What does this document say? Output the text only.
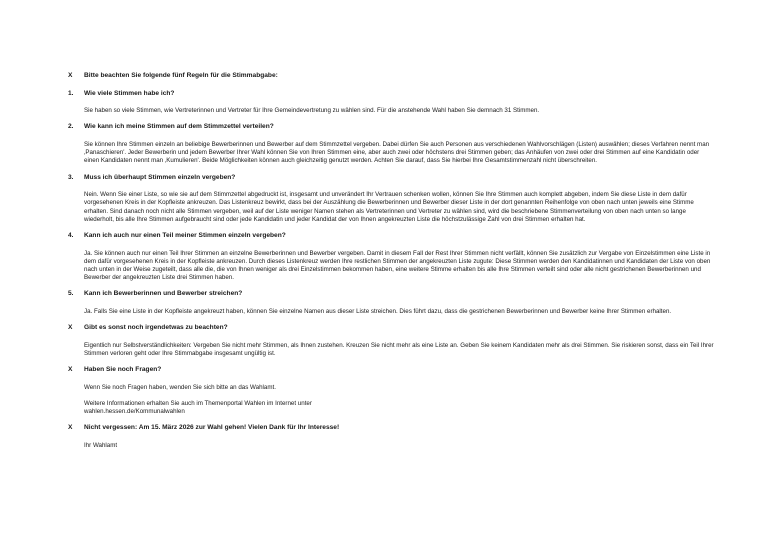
X	Bitte beachten Sie folgende fünf Regeln für die Stimmabgabe:
1.	Wie viele Stimmen habe ich?

Sie haben so viele Stimmen, wie Vertreterinnen und Vertreter für Ihre Gemeindevertretung zu wählen sind. Für die anstehende Wahl haben Sie demnach 31 Stimmen.

2.	Wie kann ich meine Stimmen auf dem Stimmzettel verteilen?

Sie können Ihre Stimmen einzeln an beliebige Bewerberinnen und Bewerber auf dem Stimmzettel vergeben. Dabei dürfen Sie auch Personen aus verschiedenen Wahlvorschlägen (Listen) auswählen; dieses Verfahren nennt man ‚Panaschieren'. Jeder Bewerberin und jedem Bewerber Ihrer Wahl können Sie von Ihren Stimmen eine, aber auch zwei oder höchstens drei Stimmen geben; das Anhäufen von zwei oder drei Stimmen auf eine Kandidatin oder einen Kandidaten nennt man ‚Kumulieren'. Beide Möglichkeiten können auch gleichzeitig genutzt werden. Achten Sie darauf, dass Sie hierbei Ihre Gesamtstimmenzahl nicht überschreiten.

3.	Muss ich überhaupt Stimmen einzeln vergeben?

Nein. Wenn Sie einer Liste, so wie sie auf dem Stimmzettel abgedruckt ist, insgesamt und unverändert Ihr Vertrauen schenken wollen, können Sie Ihre Stimmen auch komplett abgeben, indem Sie diese Liste in dem dafür vorgesehenen Kreis in der Kopfleiste ankreuzen. Das Listenkreuz bewirkt, dass bei der Auszählung die Bewerberinnen und Bewerber dieser Liste in der dort genannten Reihenfolge von oben nach unten jeweils eine Stimme erhalten. Sind danach noch nicht alle Stimmen vergeben, weil auf der Liste weniger Namen stehen als Vertreterinnen und Vertreter zu wählen sind, wird die beschriebene Stimmenverteilung von oben nach unten so lange wiederholt, bis alle Ihre Stimmen aufgebraucht sind oder jede Kandidatin und jeder Kandidat der von Ihnen angekreuzten Liste die höchstzulässige Zahl von drei Stimmen erhalten hat.

4.	Kann ich auch nur einen Teil meiner Stimmen einzeln vergeben?

Ja. Sie können auch nur einen Teil Ihrer Stimmen an einzelne Bewerberinnen und Bewerber vergeben. Damit in diesem Fall der Rest Ihrer Stimmen nicht verfällt, können Sie zusätzlich zur Vergabe von Einzelstimmen eine Liste in dem dafür vorgesehenen Kreis in der Kopfleiste ankreuzen. Durch dieses Listenkreuz werden Ihre restlichen Stimmen der angekreuzten Liste zugute: Diese Stimmen werden den Kandidatinnen und Kandidaten der Liste von oben nach unten in der Weise zugeteilt, dass alle die, die von Ihnen weniger als drei Einzelstimmen bekommen haben, eine weitere Stimme erhalten bis alle Ihre Stimmen verteilt sind oder alle nicht gestrichenen Bewerberinnen und Bewerber der angekreuzten Liste drei Stimmen haben.

5.	Kann ich Bewerberinnen und Bewerber streichen?

Ja. Falls Sie eine Liste in der Kopfleiste angekreuzt haben, können Sie einzelne Namen aus dieser Liste streichen. Dies führt dazu, dass die gestrichenen Bewerberinnen und Bewerber keine Ihrer Stimmen erhalten.

X	Gibt es sonst noch irgendetwas zu beachten?

Eigentlich nur Selbstverständlichkeiten: Vergeben Sie nicht mehr Stimmen, als Ihnen zustehen. Kreuzen Sie nicht mehr als eine Liste an. Geben Sie keinem Kandidaten mehr als drei Stimmen. Sie riskieren sonst, dass ein Teil Ihrer Stimmen verloren geht oder Ihre Stimmabgabe insgesamt ungültig ist.

X	Haben Sie noch Fragen?

Wenn Sie noch Fragen haben, wenden Sie sich bitte an das Wahlamt.

Weitere Informationen erhalten Sie auch im Themenportal Wahlen im Internet unter
wahlen.hessen.de/Kommunalwahlen

X	Nicht vergessen: Am 15. März 2026 zur Wahl gehen! Vielen Dank für Ihr Interesse!

Ihr Wahlamt
